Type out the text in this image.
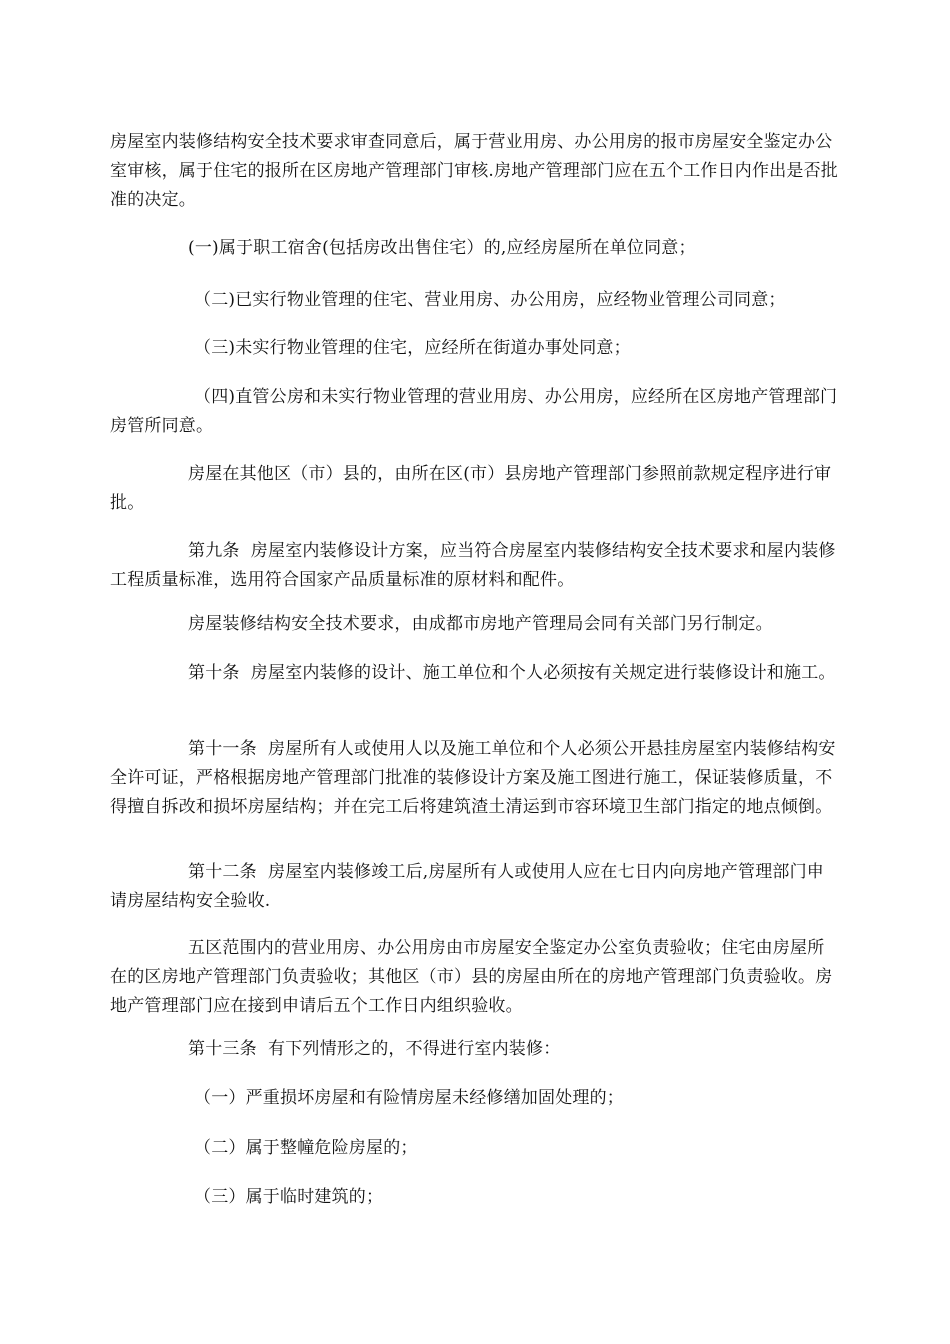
房屋室内装修结构安全技术要求审查同意后，属于营业用房、办公用房的报市房屋安全鉴定办公室审核，属于住宅的报所在区房地产管理部门审核.房地产管理部门应在五个工作日内作出是否批准的决定。

(一)属于职工宿舍(包括房改出售住宅）的,应经房屋所在单位同意；

（二)已实行物业管理的住宅、营业用房、办公用房，应经物业管理公司同意；

（三)未实行物业管理的住宅，应经所在街道办事处同意；

（四)直管公房和未实行物业管理的营业用房、办公用房，应经所在区房地产管理部门房管所同意。

房屋在其他区（市）县的，由所在区(市）县房地产管理部门参照前款规定程序进行审批。

第九条  房屋室内装修设计方案，应当符合房屋室内装修结构安全技术要求和屋内装修工程质量标准，选用符合国家产品质量标准的原材料和配件。

房屋装修结构安全技术要求，由成都市房地产管理局会同有关部门另行制定。

第十条  房屋室内装修的设计、施工单位和个人必须按有关规定进行装修设计和施工。

第十一条  房屋所有人或使用人以及施工单位和个人必须公开悬挂房屋室内装修结构安全许可证，严格根据房地产管理部门批准的装修设计方案及施工图进行施工，保证装修质量，不得擅自拆改和损坏房屋结构；并在完工后将建筑渣土清运到市容环境卫生部门指定的地点倾倒。

第十二条  房屋室内装修竣工后,房屋所有人或使用人应在七日内向房地产管理部门申请房屋结构安全验收.

五区范围内的营业用房、办公用房由市房屋安全鉴定办公室负责验收；住宅由房屋所在的区房地产管理部门负责验收；其他区（市）县的房屋由所在的房地产管理部门负责验收。房地产管理部门应在接到申请后五个工作日内组织验收。

第十三条  有下列情形之的，不得进行室内装修：

（一）严重损坏房屋和有险情房屋未经修缮加固处理的；

（二）属于整幢危险房屋的；

（三）属于临时建筑的；
